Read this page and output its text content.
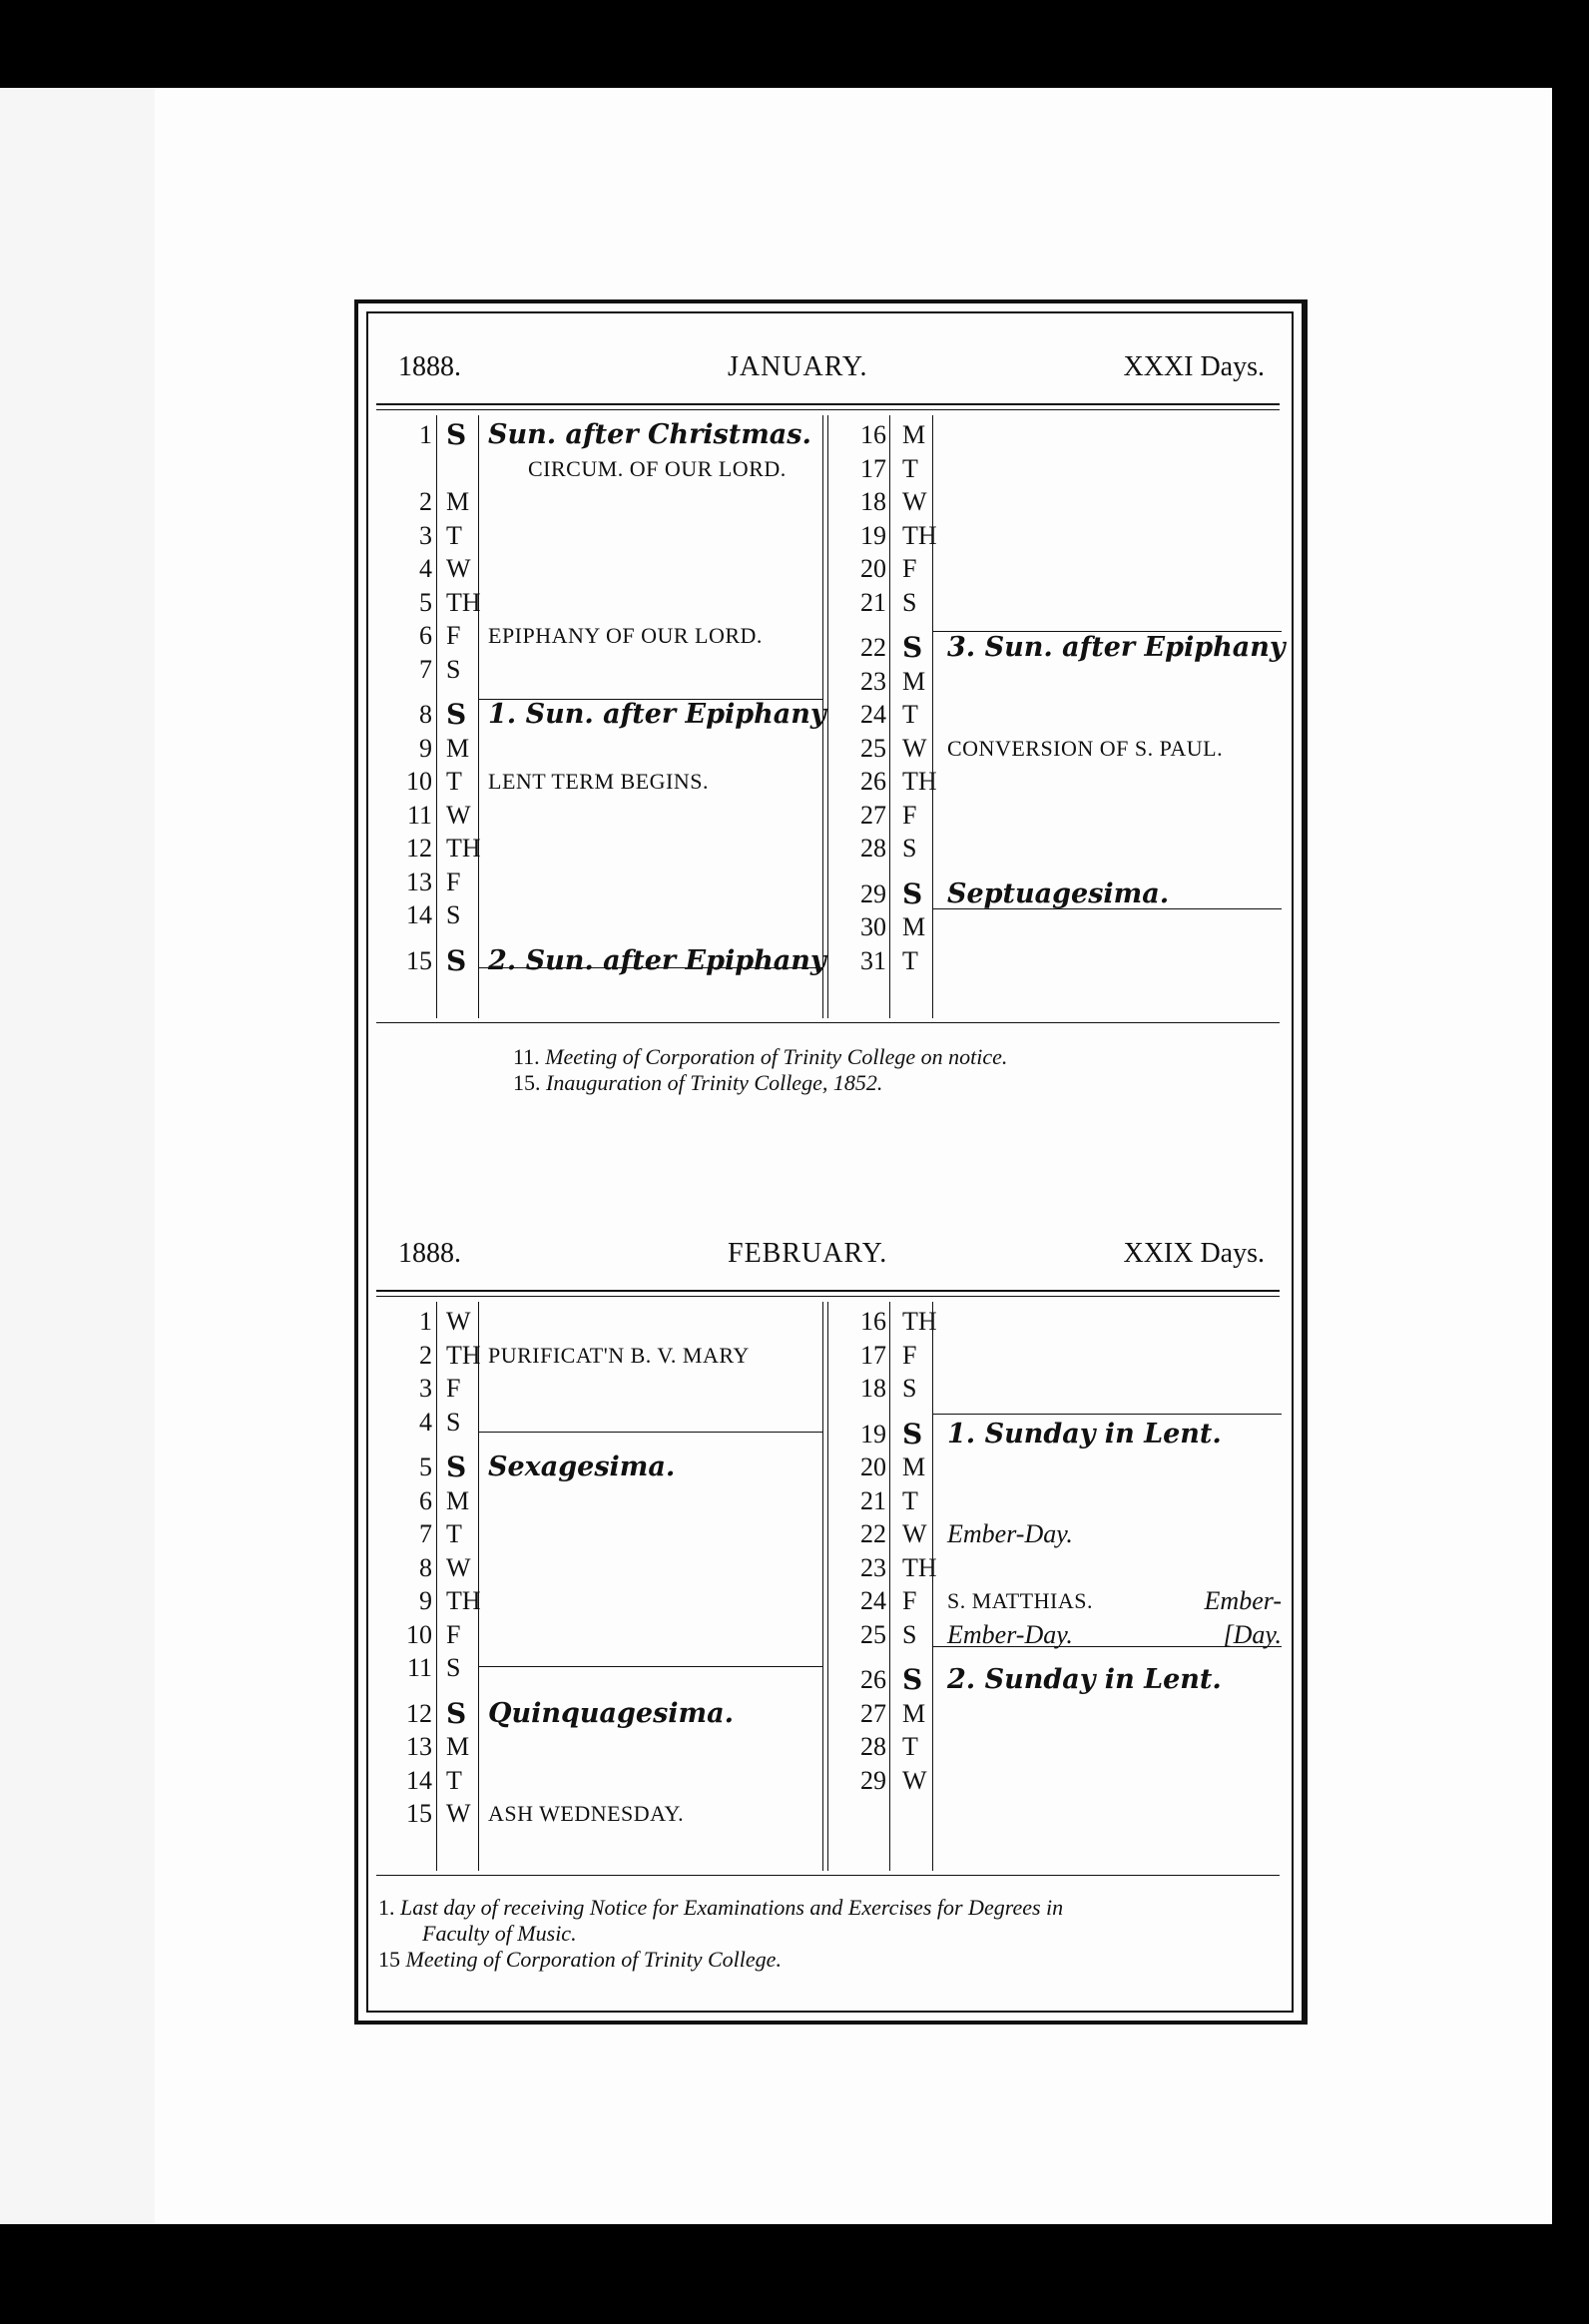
1888.	JANUARY.	XXXI Days.
1 S Sun. after Christmas.
CIRCUM. OF OUR LORD.
2 M
3 T
4 W
5 TH
6 F EPIPHANY OF OUR LORD.
7 S
8 S 1. Sun. after Epiphany
9 M
10 T LENT TERM BEGINS.
11 W
12 TH
13 F
14 S
15 S 2. Sun. after Epiphany
16 M
17 T
18 W
19 TH
20 F
21 S
22 S 3. Sun. after Epiphany
23 M
24 T
25 W CONVERSION OF S. PAUL.
26 TH
27 F
28 S
29 S Septuagesima.
30 M
31 T
11. Meeting of Corporation of Trinity College on notice.
15. Inauguration of Trinity College, 1852.
1888.	FEBRUARY.	XXIX Days.
1 W
2 TH PURIFICAT'N B. V. MARY
3 F
4 S
5 S Sexagesima.
6 M
7 T
8 W
9 TH
10 F
11 S
12 S Quinquagesima.
13 M
14 T
15 W ASH WEDNESDAY.
16 TH
17 F
18 S
19 S 1. Sunday in Lent.
20 M
21 T
22 W Ember-Day.
23 TH
24 F S. MATTHIAS.	Ember-
25 S Ember-Day.	[Day.
26 S 2. Sunday in Lent.
27 M
28 T
29 W
1. Last day of receiving Notice for Examinations and Exercises for Degrees in
Faculty of Music.
15 Meeting of Corporation of Trinity College.
